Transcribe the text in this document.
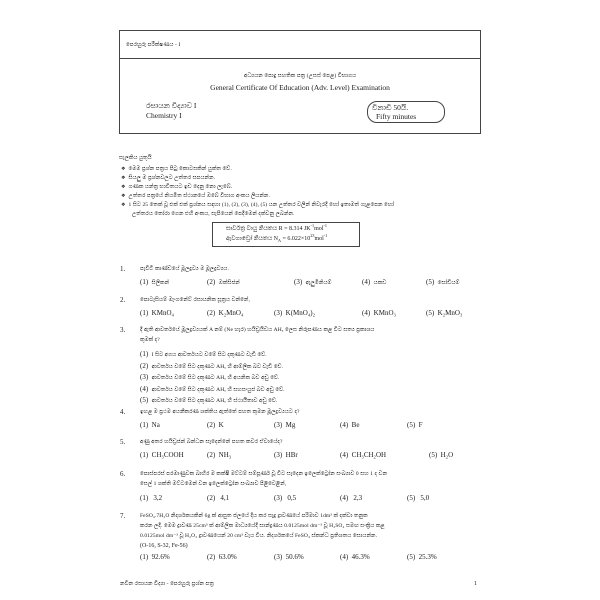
පෙරහුරු පරීක්ෂණය - I
අධ්‍යයන පොදු සහතික පත්‍ර (උසස් පෙළ) විභාගය
General Certificate Of Education (Adv. Level) Examination
රසායන විද්‍යාව I
Chemistry I
විනාඩි 50යි.
Fifty minutes
සැලකිය යුතුයි
❖ මෙම ප්‍රශ්න පත්‍රය පිටු කොටසකින් යුක්ත වේ.
❖ සියලු ම ප්‍රශ්නවලට උත්තර සපයන්න.
❖ ගණක යන්ත්‍ර භාවිතයට ඉඩ දෙනු නො ලැබේ.
❖ උත්තර පත්‍රයේ නියමිත ස්ථානයේ ඔබේ විභාග අංකය ලියන්න.
❖ 1 සිට 25 තෙක් වූ එක් එක් ප්‍රශ්නය සඳහා (1), (2), (3), (4), (5) යන උත්තර වලින් නිවැරදි හෝ ඉතාමත් ගැළපෙන හෝ
උත්තරය තෝරා ගෙන එහි අංකය, සැපියෙන් පෙදීමෙන් දක්වනු ලබන්න.
සාර්වත්‍ර වායු නියතය R = 8.314 $JK^{-1}mol^{-1}$
ඇවගාඩ්‍රෝ නියතය $N_A = 6.022\times 10^{23}mol^{-1}$
1.	පැවිටි කාණ්ඩයේ මූලද්‍රව්‍ය ම මූලද්‍රව්‍යය.
(1)  සිලිකන්	(2)  ඔක්සිජන්	(3)  ඇලුමිනියම්	(4)  යකඩ	(5)  සෝඩියම්
2.	පොටෑසියම් මැංගනේට් රසායනික සූත්‍රය වන්නේ,
(1)  KMnO₄	(2)  K₂MnO₄	(3)  K(MnO₄)₂	(4)  KMnO₃	(5)  K₂MnO₃
3.	දී ඇති ආවර්තයේ මූලද්‍රව්‍යයක් A නම් (Ne හැර) හයිඩ්‍රයිඩය AHₓ ලෙස නිරූපණය කළ විට සත්‍ය ප්‍රකාශය
කුමක් ද?
(1)  I සිට අගය ආවර්තයට වමේ සිට දකුණට වැඩි වේ.
(2)  ආවර්තය වමේ සිට දකුණට AHₓ හි ආම්ලික බව වැඩි වේ.
(3)  ආවර්තය වමේ සිට දකුණට AHₓ හි අයනික බව අඩු වේ.
(4)  ආවර්තය වමේ සිට දකුණට AHₓ හි සහසංයුජ බව අඩු වේ.
(5)  ආවර්තය වමේ සිට දකුණට AHₓ හි ස්ථායීතාව අඩු වේ.
4.	ඉහළ ම ප්‍රථම අයනීකරණ ශක්තිය ඇත්තේ පහත කුමන මූලද්‍රව්‍යයට ද?
(1)  Na	(2)  K	(3)  Mg	(4)  Be	(5)  F
5.	අණු අතර හයිඩ්‍රජන් බන්ධන සෑදෙන්නේ පහත කවර ඒවායේද?
(1)  CH₃COOH	(2)  NH₃	(3)  HBr	(4)  CH₃CH₂OH	(5)  H₂O
6.	පොස්පරස් පරමාණුවක බාහිර ම කක්ෂී මට්ටම් සම්පූර්ණ වූ විට සෑදෙන ඉලෙක්ට්‍රෝන සංඛ්‍යාව 0 සහ 1 ද වන
සෙල් 1 ශක්ති මට්ටමෙන් වන ඉලෙක්ට්‍රෝන සංඛ්‍යාව පිළිවෙළින්,
(1)   3,2	(2)   4,1	(3)   0,5	(4)   2,3	(5)   5,0
7.	FeSO₄.7H₂O නිදර්ශකයකින් 6g ක් ආසුත ජලයේ දිය කර සෑදූ ද්‍රාවණයේ පරිමාව 1dm³ ක් දක්වා තනුක
කරන ලදී. මෙම ද්‍රාවණ 25cm³ ක් ආම්ලික මාධ්‍යයේදී සාන්ද්‍රණය 0.0125mol dm⁻³ වූ H₂SO₄ සමඟ සංක්‍රිය කළ
0.0125mol dm⁻³ වූ H₂O₂ ද්‍රාවණයෙන් 20 cm³ වැය විය. නිදර්ශකයේ FeSO₄ ස්කන්ධ ප්‍රතිශතය සොයන්න.
(O-16, S-32, Fe-56)
(1)  92.6%	(2)  63.0%	(3)  50.6%	(4)  46.3%	(5)  25.3%
නවීන රසායන විද්‍යා - පෙරහුරු ප්‍රශ්න පත්‍ර	1
